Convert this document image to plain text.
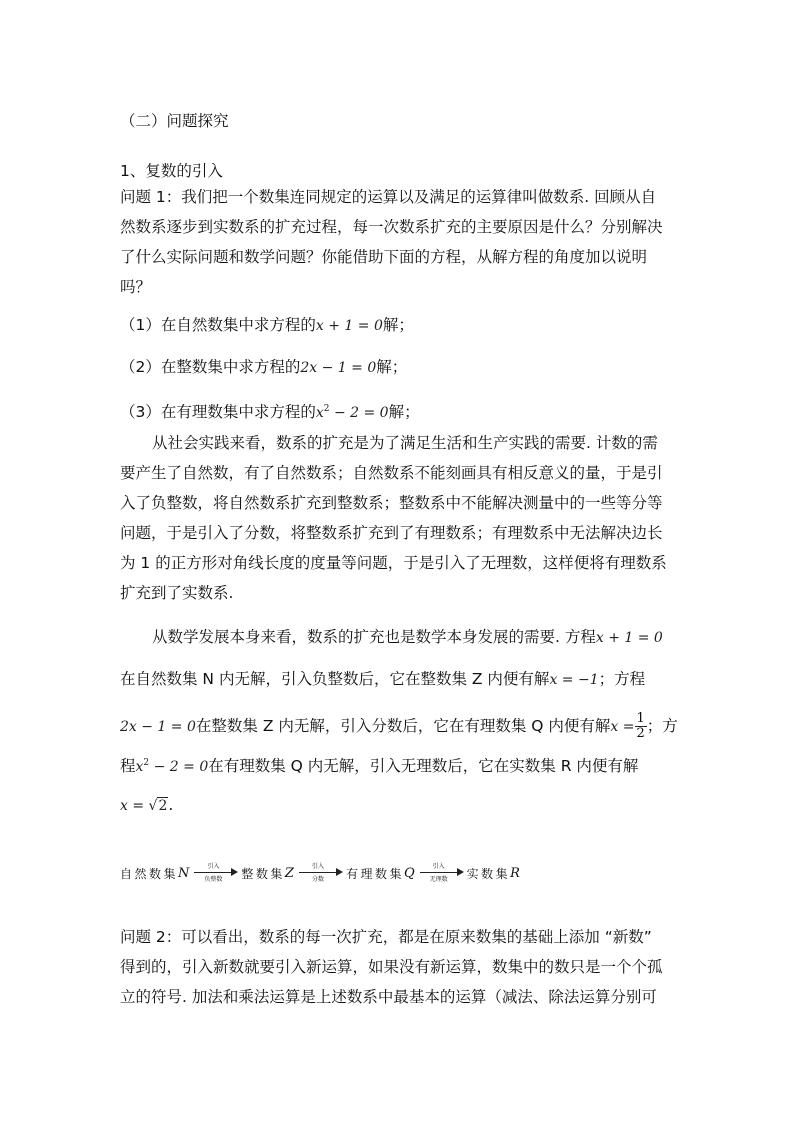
（二）问题探究
1、复数的引入
问题 1：我们把一个数集连同规定的运算以及满足的运算律叫做数系. 回顾从自
然数系逐步到实数系的扩充过程，每一次数系扩充的主要原因是什么？分别解决
了什么实际问题和数学问题？你能借助下面的方程，从解方程的角度加以说明
吗？
（1）在自然数集中求方程的x + 1 = 0解；
（2）在整数集中求方程的2x − 1 = 0解；
（3）在有理数集中求方程的$x^2 - 2 = 0$解；
从社会实践来看，数系的扩充是为了满足生活和生产实践的需要. 计数的需
要产生了自然数，有了自然数系；自然数系不能刻画具有相反意义的量，于是引
入了负整数，将自然数系扩充到整数系；整数系中不能解决测量中的一些等分等
问题，于是引入了分数，将整数系扩充到了有理数系；有理数系中无法解决边长
为 1 的正方形对角线长度的度量等问题，于是引入了无理数，这样便将有理数系
扩充到了实数系.
从数学发展本身来看，数系的扩充也是数学本身发展的需要. 方程x + 1 = 0
在自然数集 N 内无解，引入负整数后，它在整数集 Z 内便有解x = −1；方程
2x − 1 = 0在整数集 Z 内无解，引入分数后，它在有理数集 Q 内便有解$x = \frac{1}{2}$ ；方
程$x^2 - 2 = 0$在有理数集 Q 内无解，引入无理数后，它在实数集 R 内便有解
x = √2.
自然数集 N	引入
负整数	整数集 Z	引入
分数	有理数集 Q	引入
无理数	实数集 R
问题 2：可以看出，数系的每一次扩充，都是在原来数集的基础上添加 “新数”
得到的，引入新数就要引入新运算，如果没有新运算，数集中的数只是一个个孤
立的符号. 加法和乘法运算是上述数系中最基本的运算（减法、除法运算分别可
